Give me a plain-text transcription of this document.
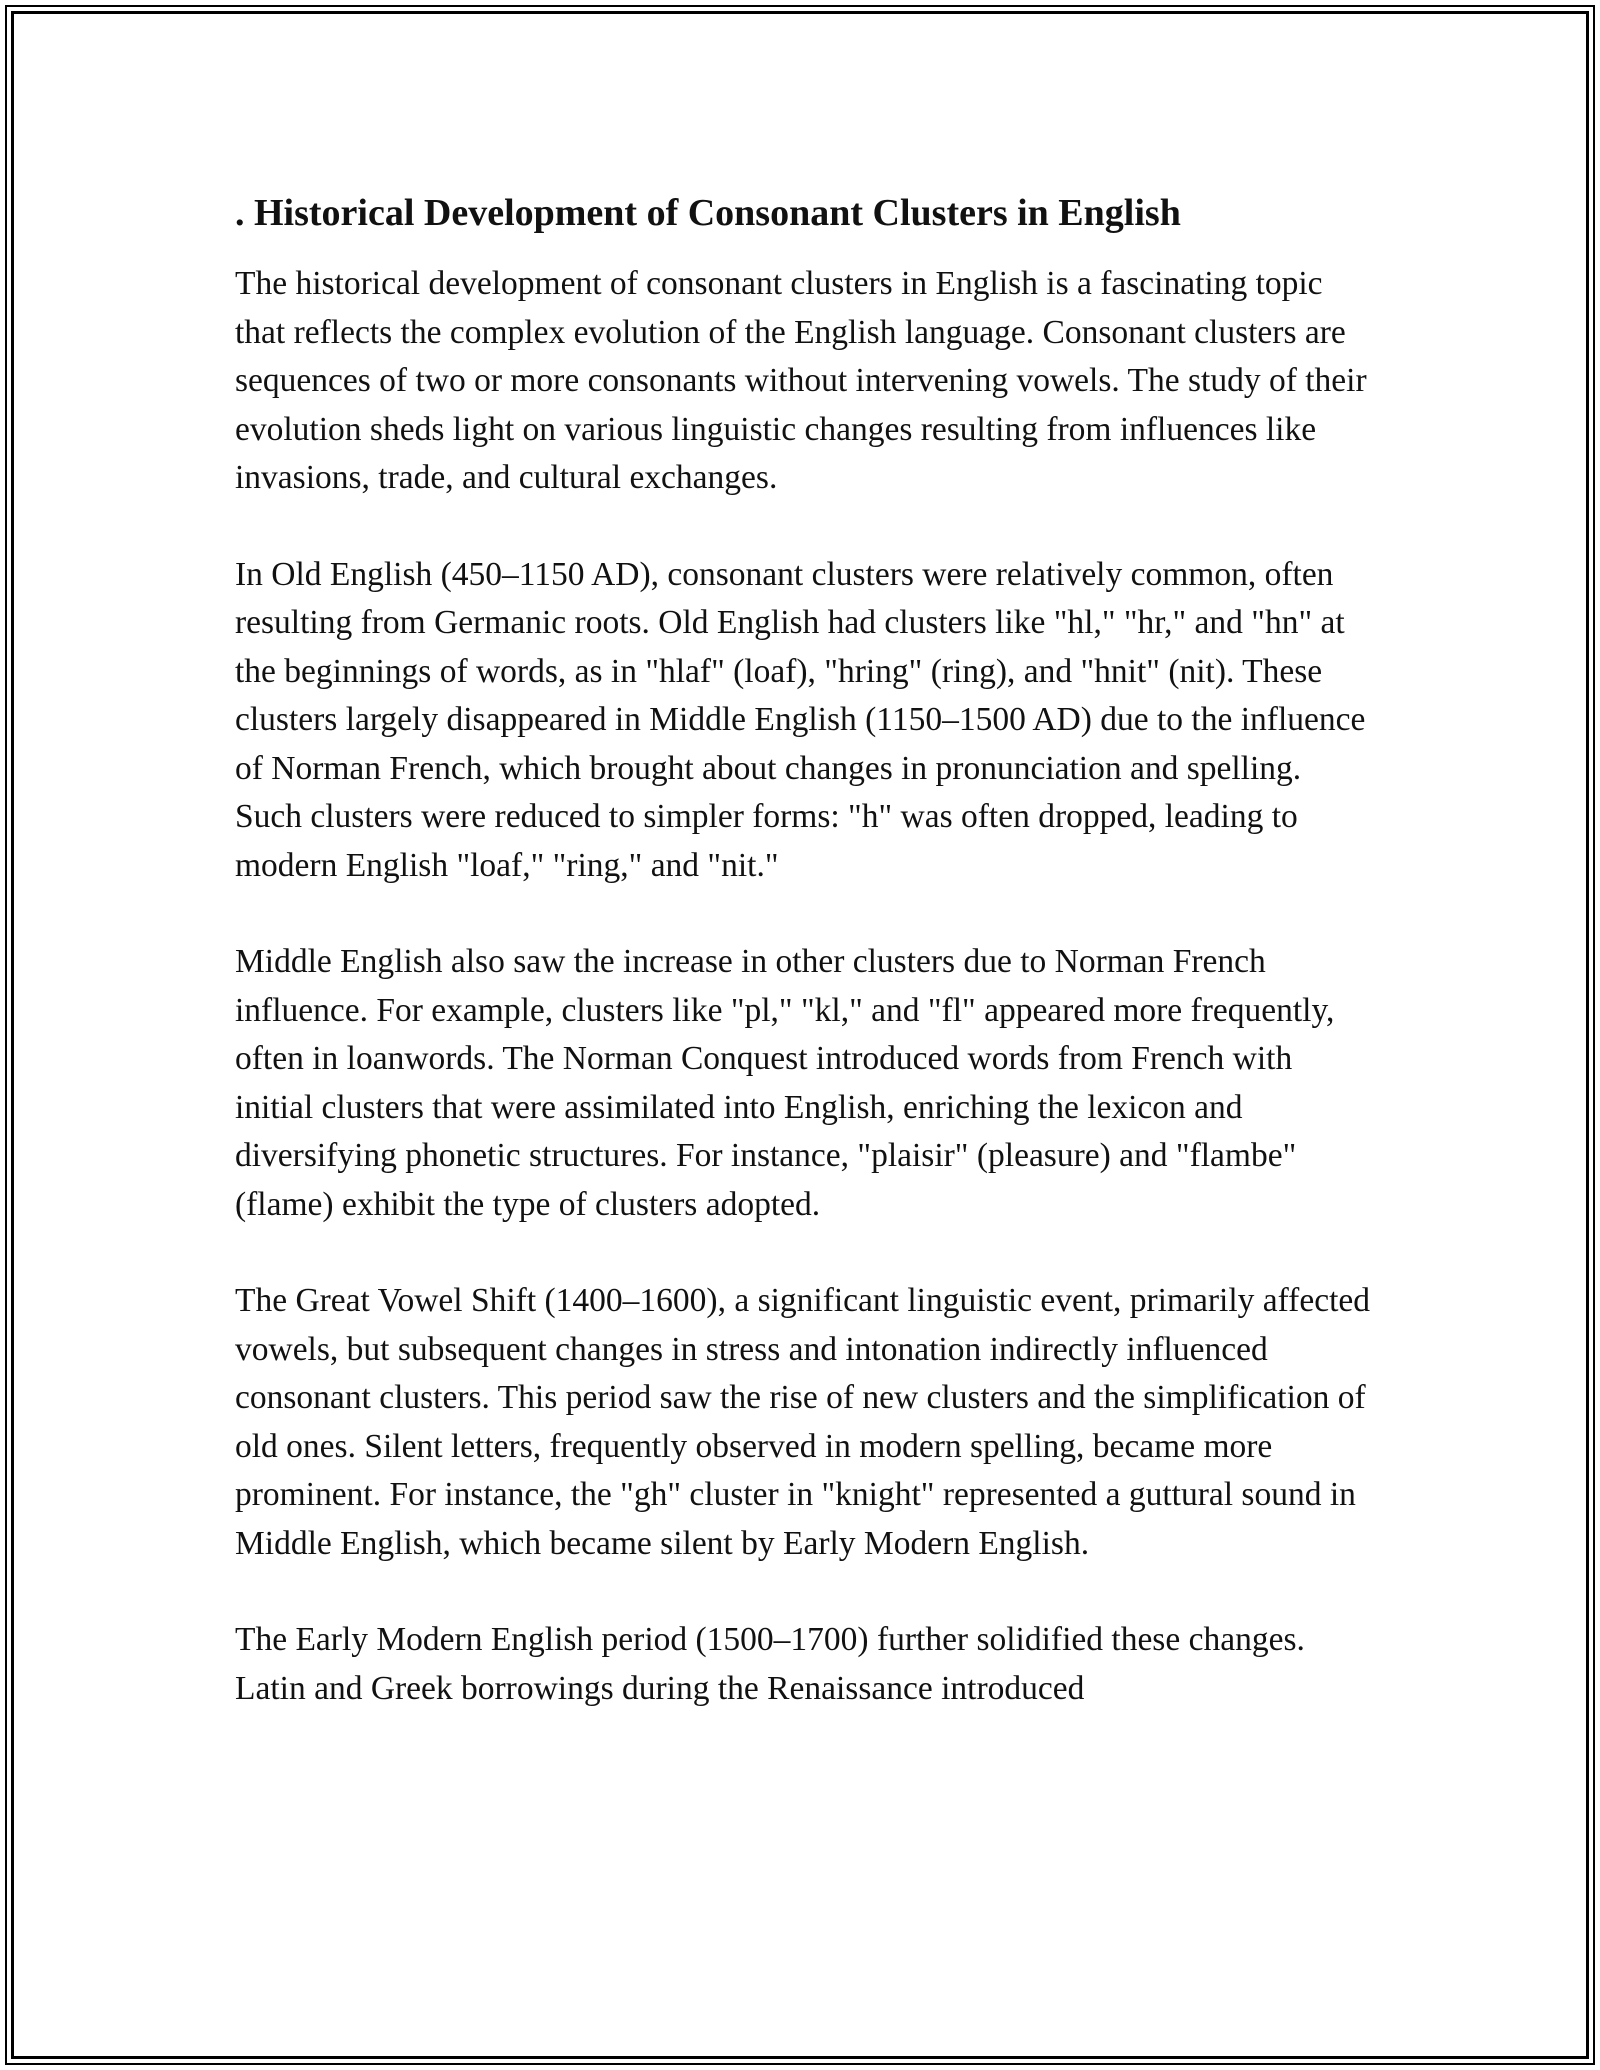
. Historical Development of Consonant Clusters in English

The historical development of consonant clusters in English is a fascinating topic that reflects the complex evolution of the English language. Consonant clusters are sequences of two or more consonants without intervening vowels. The study of their evolution sheds light on various linguistic changes resulting from influences like invasions, trade, and cultural exchanges.

In Old English (450–1150 AD), consonant clusters were relatively common, often resulting from Germanic roots. Old English had clusters like "hl," "hr," and "hn" at the beginnings of words, as in "hlaf" (loaf), "hring" (ring), and "hnit" (nit). These clusters largely disappeared in Middle English (1150–1500 AD) due to the influence of Norman French, which brought about changes in pronunciation and spelling. Such clusters were reduced to simpler forms: "h" was often dropped, leading to modern English "loaf," "ring," and "nit."

Middle English also saw the increase in other clusters due to Norman French influence. For example, clusters like "pl," "kl," and "fl" appeared more frequently, often in loanwords. The Norman Conquest introduced words from French with initial clusters that were assimilated into English, enriching the lexicon and diversifying phonetic structures. For instance, "plaisir" (pleasure) and "flambe" (flame) exhibit the type of clusters adopted.

The Great Vowel Shift (1400–1600), a significant linguistic event, primarily affected vowels, but subsequent changes in stress and intonation indirectly influenced consonant clusters. This period saw the rise of new clusters and the simplification of old ones. Silent letters, frequently observed in modern spelling, became more prominent. For instance, the "gh" cluster in "knight" represented a guttural sound in Middle English, which became silent by Early Modern English.

The Early Modern English period (1500–1700) further solidified these changes. Latin and Greek borrowings during the Renaissance introduced
